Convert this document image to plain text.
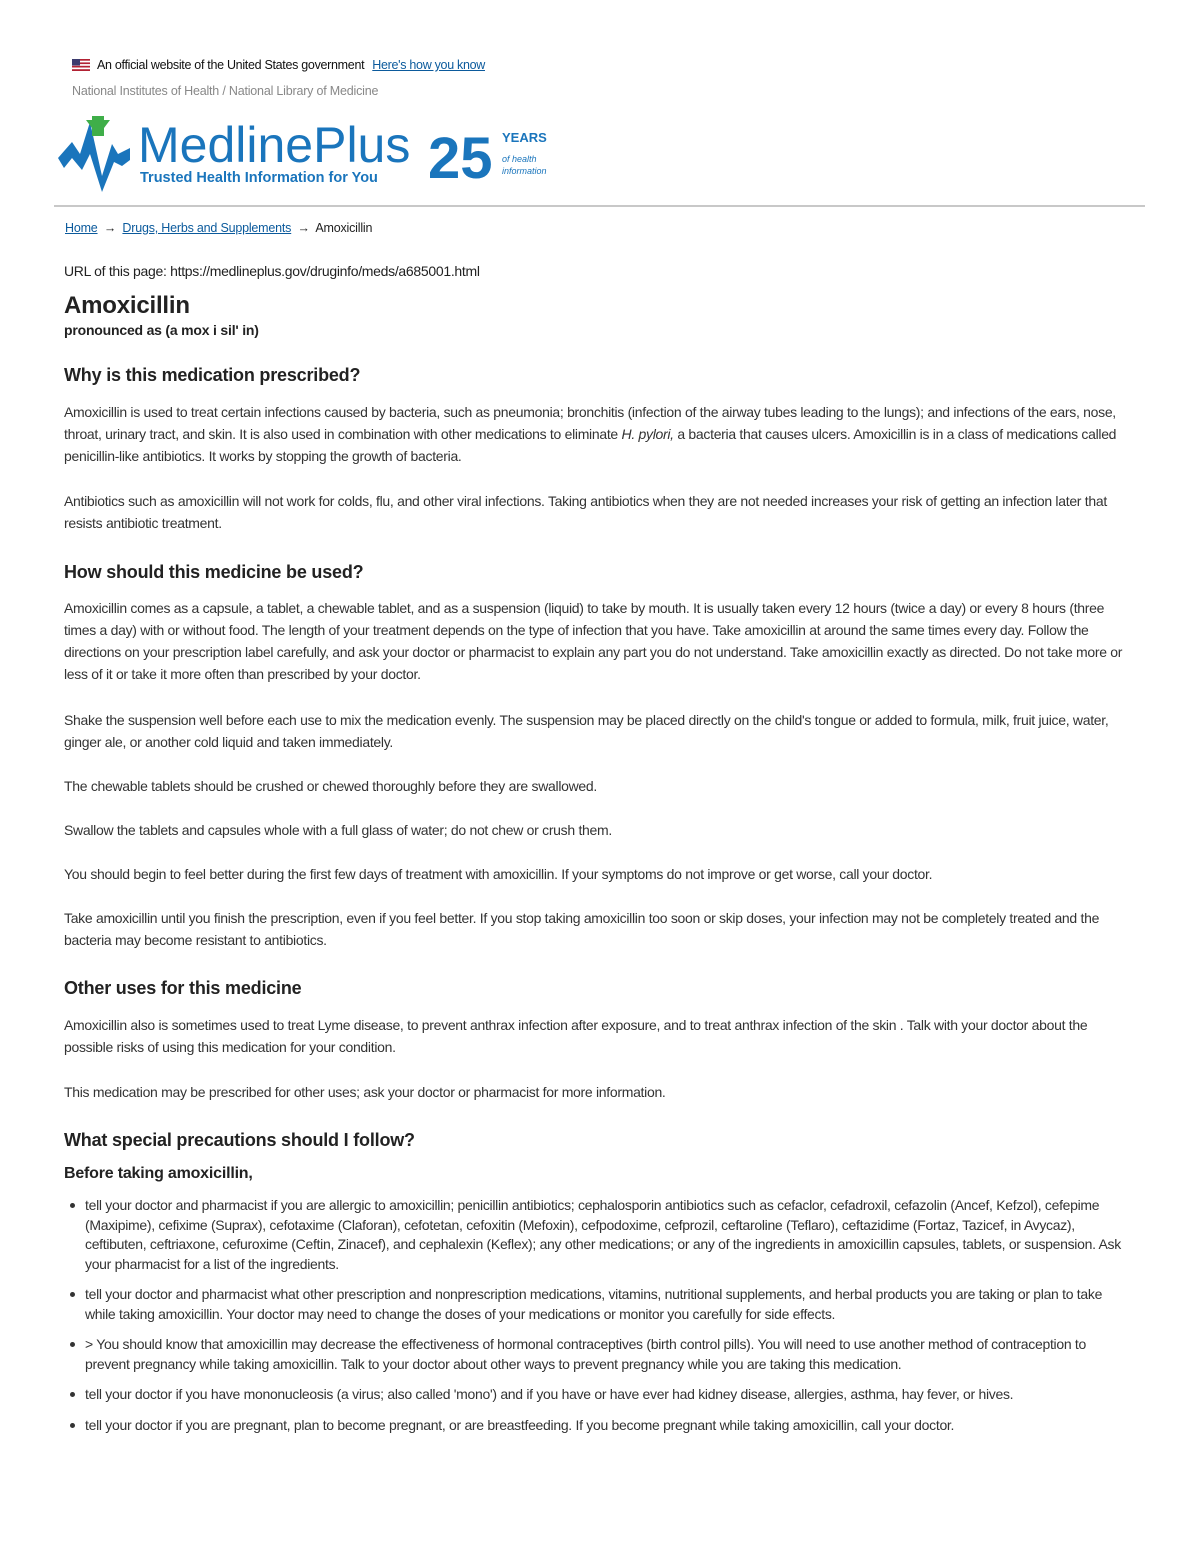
An official website of the United States government Here's how you know
National Institutes of Health / National Library of Medicine
MedlinePlus
Trusted Health Information for You 25 YEARS
of health
information
Home → Drugs, Herbs and Supplements → Amoxicillin
URL of this page: https://medlineplus.gov/druginfo/meds/a685001.html
Amoxicillin
pronounced as (a mox i sil' in)
Why is this medication prescribed?

Amoxicillin is used to treat certain infections caused by bacteria, such as pneumonia; bronchitis (infection of the airway tubes leading to the lungs); and infections of the ears, nose, throat, urinary tract, and skin. It is also used in combination with other medications to eliminate H. pylori, a bacteria that causes ulcers. Amoxicillin is in a class of medications called penicillin-like antibiotics. It works by stopping the growth of bacteria.

Antibiotics such as amoxicillin will not work for colds, flu, and other viral infections. Taking antibiotics when they are not needed increases your risk of getting an infection later that resists antibiotic treatment.

How should this medicine be used?

Amoxicillin comes as a capsule, a tablet, a chewable tablet, and as a suspension (liquid) to take by mouth. It is usually taken every 12 hours (twice a day) or every 8 hours (three times a day) with or without food. The length of your treatment depends on the type of infection that you have. Take amoxicillin at around the same times every day. Follow the directions on your prescription label carefully, and ask your doctor or pharmacist to explain any part you do not understand. Take amoxicillin exactly as directed. Do not take more or less of it or take it more often than prescribed by your doctor.

Shake the suspension well before each use to mix the medication evenly. The suspension may be placed directly on the child's tongue or added to formula, milk, fruit juice, water, ginger ale, or another cold liquid and taken immediately.

The chewable tablets should be crushed or chewed thoroughly before they are swallowed.

Swallow the tablets and capsules whole with a full glass of water; do not chew or crush them.

You should begin to feel better during the first few days of treatment with amoxicillin. If your symptoms do not improve or get worse, call your doctor.

Take amoxicillin until you finish the prescription, even if you feel better. If you stop taking amoxicillin too soon or skip doses, your infection may not be completely treated and the bacteria may become resistant to antibiotics.

Other uses for this medicine

Amoxicillin also is sometimes used to treat Lyme disease, to prevent anthrax infection after exposure, and to treat anthrax infection of the skin . Talk with your doctor about the possible risks of using this medication for your condition.

This medication may be prescribed for other uses; ask your doctor or pharmacist for more information.

What special precautions should I follow?
Before taking amoxicillin,
tell your doctor and pharmacist if you are allergic to amoxicillin; penicillin antibiotics; cephalosporin antibiotics such as cefaclor, cefadroxil, cefazolin (Ancef, Kefzol), cefepime (Maxipime), cefixime (Suprax), cefotaxime (Claforan), cefotetan, cefoxitin (Mefoxin), cefpodoxime, cefprozil, ceftaroline (Teflaro), ceftazidime (Fortaz, Tazicef, in Avycaz), ceftibuten, ceftriaxone, cefuroxime (Ceftin, Zinacef), and cephalexin (Keflex); any other medications; or any of the ingredients in amoxicillin capsules, tablets, or suspension. Ask your pharmacist for a list of the ingredients.
tell your doctor and pharmacist what other prescription and nonprescription medications, vitamins, nutritional supplements, and herbal products you are taking or plan to take while taking amoxicillin. Your doctor may need to change the doses of your medications or monitor you carefully for side effects.
> You should know that amoxicillin may decrease the effectiveness of hormonal contraceptives (birth control pills). You will need to use another method of contraception to prevent pregnancy while taking amoxicillin. Talk to your doctor about other ways to prevent pregnancy while you are taking this medication.
tell your doctor if you have mononucleosis (a virus; also called 'mono') and if you have or have ever had kidney disease, allergies, asthma, hay fever, or hives.
tell your doctor if you are pregnant, plan to become pregnant, or are breastfeeding. If you become pregnant while taking amoxicillin, call your doctor.
